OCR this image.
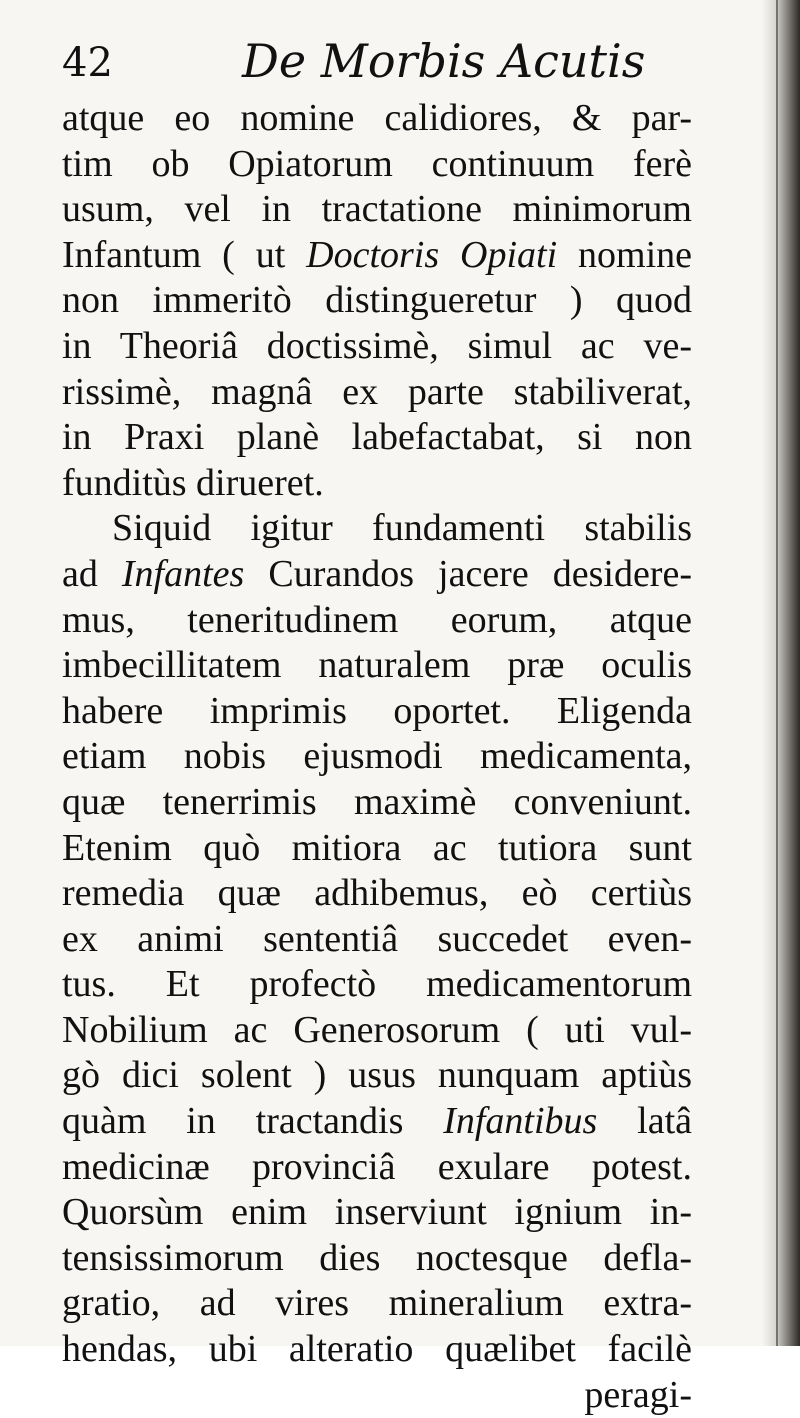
42	De Morbis Acutis
atque eo nomine calidiores, & par-
tim ob Opiatorum continuum ferè
usum, vel in tractatione minimorum
Infantum ( ut Doctoris Opiati nomine
non immeritò distingueretur ) quod
in Theoriâ doctissimè, simul ac ve-
rissimè, magnâ ex parte stabiliverat,
in Praxi planè labefactabat, si non
funditùs dirueret.
Siquid igitur fundamenti stabilis
ad Infantes Curandos jacere desidere-
mus, teneritudinem eorum, atque
imbecillitatem naturalem præ oculis
habere imprimis oportet. Eligenda
etiam nobis ejusmodi medicamenta,
quæ tenerrimis maximè conveniunt.
Etenim quò mitiora ac tutiora sunt
remedia quæ adhibemus, eò certiùs
ex animi sententiâ succedet even-
tus. Et profectò medicamentorum
Nobilium ac Generosorum ( uti vul-
gò dici solent ) usus nunquam aptiùs
quàm in tractandis Infantibus latâ
medicinæ provinciâ exulare potest.
Quorsùm enim inserviunt ignium in-
tensissimorum dies noctesque defla-
gratio, ad vires mineralium extra-
hendas, ubi alteratio quælibet facilè
peragi-
